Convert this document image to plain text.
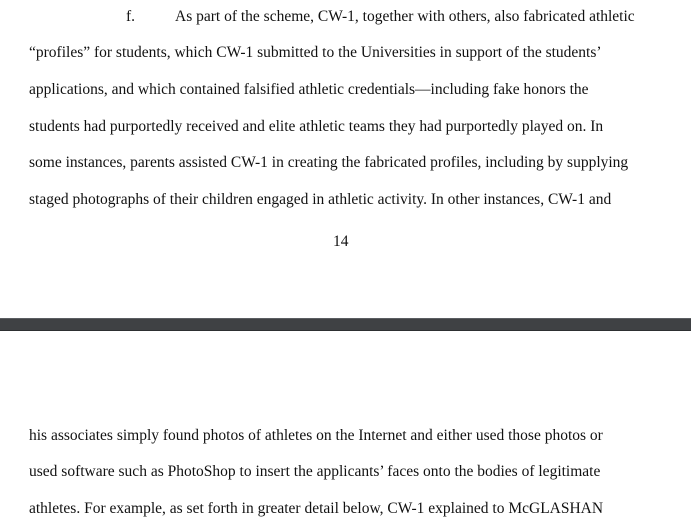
f.	As part of the scheme, CW-1, together with others, also fabricated athletic
“profiles” for students, which CW-1 submitted to the Universities in support of the students’
applications, and which contained falsified athletic credentials—including fake honors the
students had purportedly received and elite athletic teams they had purportedly played on. In
some instances, parents assisted CW-1 in creating the fabricated profiles, including by supplying
staged photographs of their children engaged in athletic activity. In other instances, CW-1 and
14
his associates simply found photos of athletes on the Internet and either used those photos or
used software such as PhotoShop to insert the applicants’ faces onto the bodies of legitimate
athletes. For example, as set forth in greater detail below, CW-1 explained to McGLASHAN
